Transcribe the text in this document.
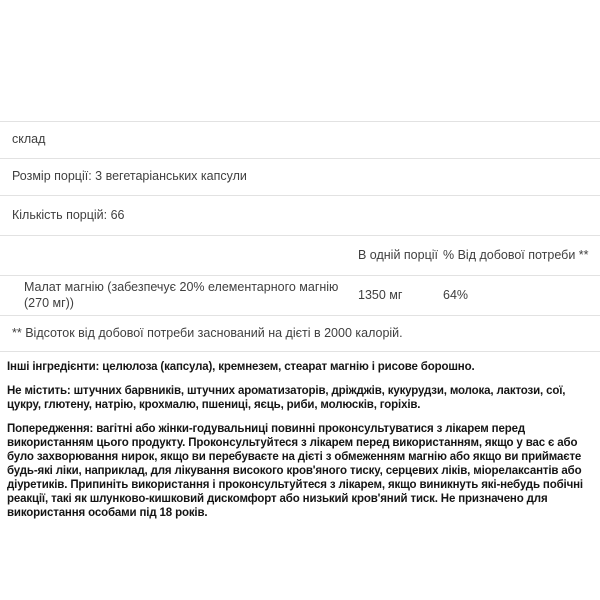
склад
Розмір порції: 3 вегетаріанських капсули
Кількість порцій: 66
В одній порції % Від добової потреби **
Малат магнію (забезпечує 20% елементарного магнію (270 мг))
1350 мг	64%
** Відсоток від добової потреби заснований на дієті в 2000 калорій.

Інші інгредієнти: целюлоза (капсула), кремнезем, стеарат магнію і рисове борошно.

Не містить: штучних барвників, штучних ароматизаторів, дріжджів, кукурудзи, молока, лактози, сої, цукру, глютену, натрію, крохмалю, пшениці, яєць, риби, молюсків, горіхів.

Попередження: вагітні або жінки-годувальниці повинні проконсультуватися з лікарем перед використанням цього продукту. Проконсультуйтеся з лікарем перед використанням, якщо у вас є або було захворювання нирок, якщо ви перебуваєте на дієті з обмеженням магнію або якщо ви приймаєте будь-які ліки, наприклад, для лікування високого кров'яного тиску, серцевих ліків, міорелаксантів або діуретиків. Припиніть використання і проконсультуйтеся з лікарем, якщо виникнуть які-небудь побічні реакції, такі як шлунково-кишковий дискомфорт або низький кров'яний тиск. Не призначено для використання особами під 18 років.
